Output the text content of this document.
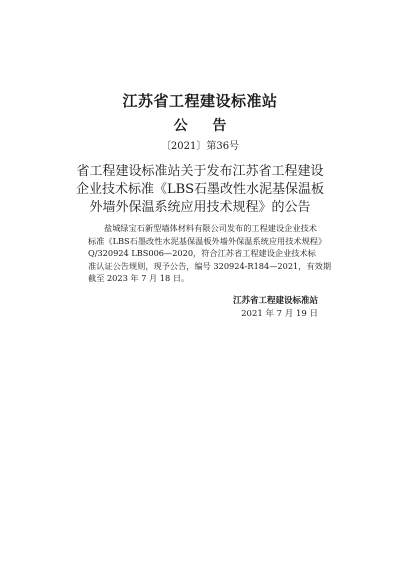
江苏省工程建设标准站
公 告
〔2021〕第36号
省工程建设标准站关于发布江苏省工程建设
企业技术标准《LBS石墨改性水泥基保温板
外墙外保温系统应用技术规程》的公告
盐城绿宝石新型墙体材料有限公司发布的工程建设企业技术
标准《LBS石墨改性水泥基保温板外墙外保温系统应用技术规程》
Q/320924 LBS006—2020，符合江苏省工程建设企业技术标
准认证公告规则，现予公告，编号 320924-R184—2021，有效期
截至 2023 年 7 月 18 日。
江苏省工程建设标准站
2021 年 7 月 19 日
